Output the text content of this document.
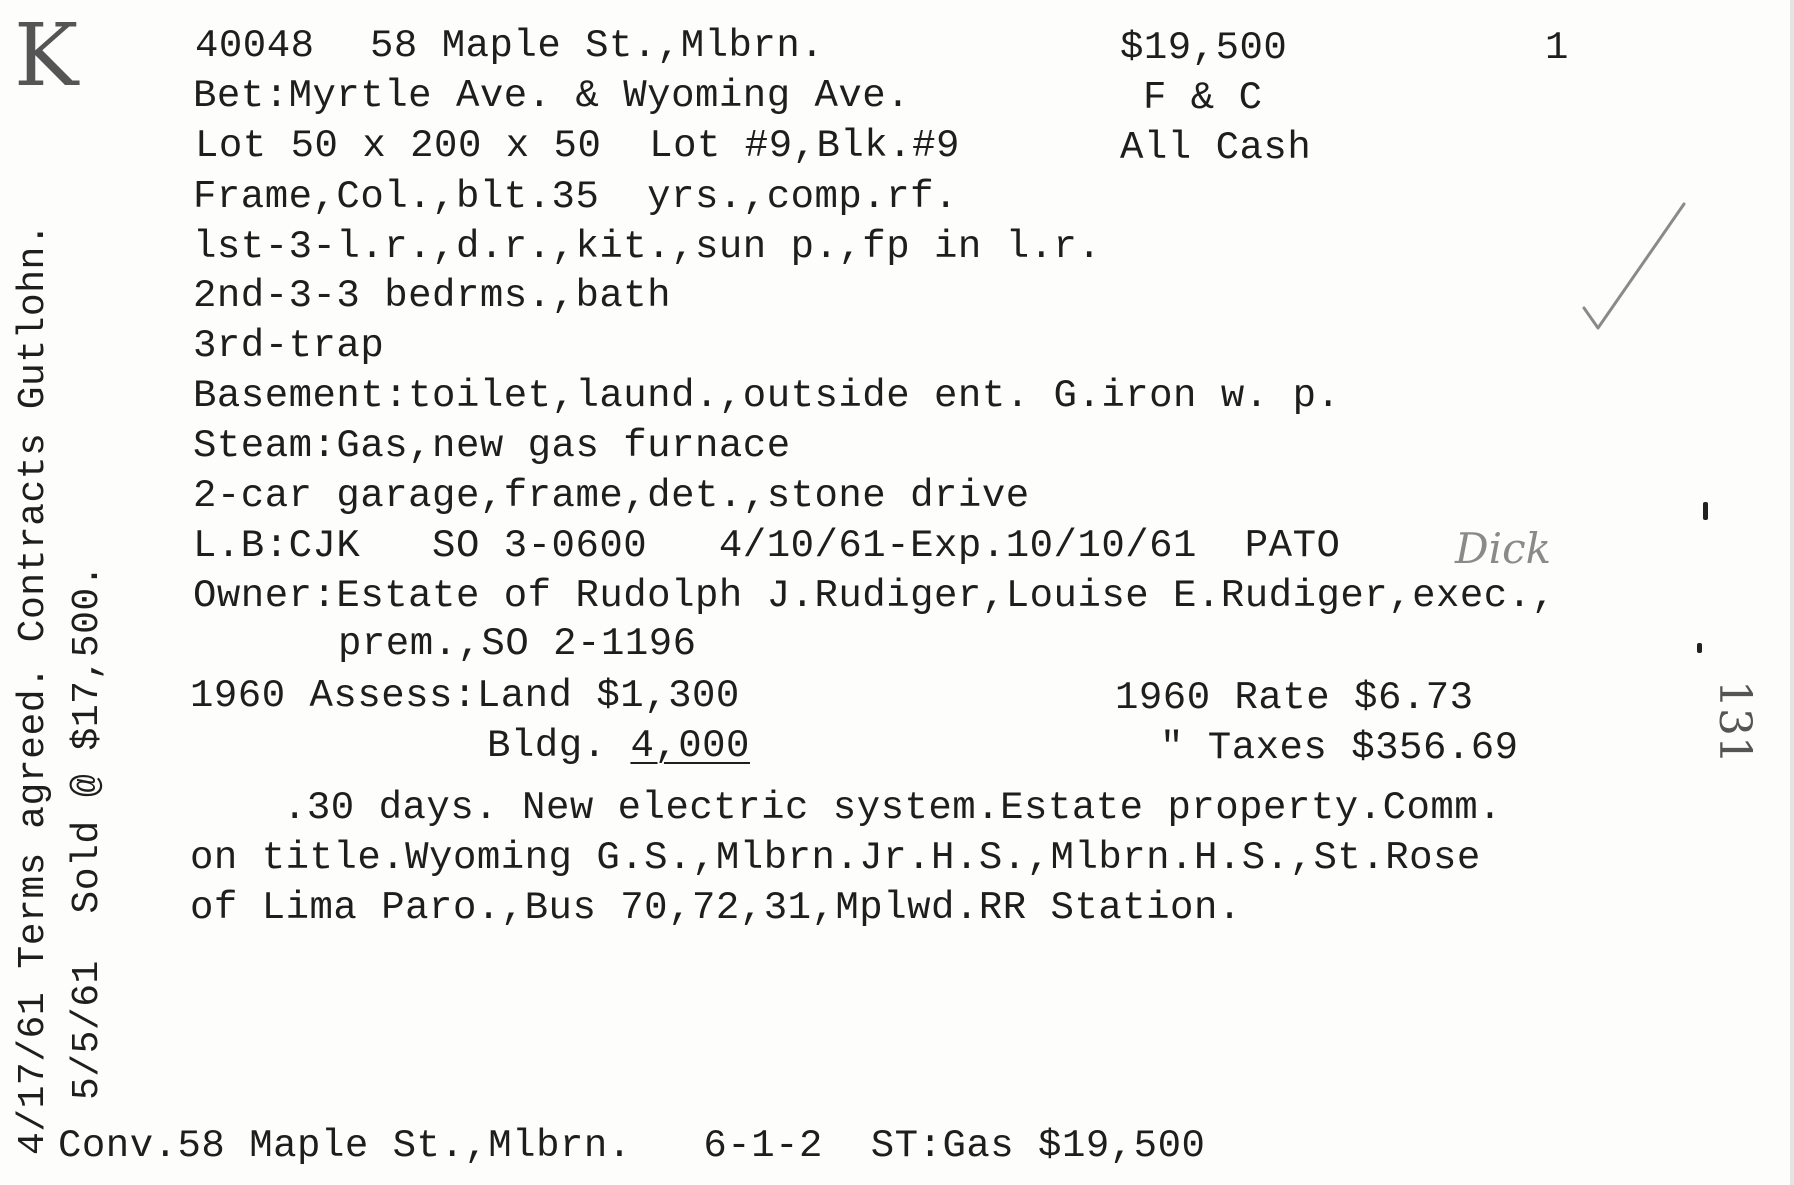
40048 58 Maple St.,Mlbrn.	$19,500	1
Bet:Myrtle Ave. & Wyoming Ave.	F & C
Lot 50 x 200 x 50  Lot #9,Blk.#9	All Cash
Frame,Col.,blt.35  yrs.,comp.rf.
lst-3-l.r.,d.r.,kit.,sun p.,fp in l.r.
2nd-3-3 bedrms.,bath
3rd-trap
Basement:toilet,laund.,outside ent. G.iron w. p.
Steam:Gas,new gas furnace
2-car garage,frame,det.,stone drive
L.B:CJK   SO 3-0600   4/10/61-Exp.10/10/61  PATO
Owner:Estate of Rudolph J.Rudiger,Louise E.Rudiger,exec.,
prem.,SO 2-1196
1960 Assess:Land $1,300	1960 Rate $6.73
Bldg. 4,000	" Taxes $356.69
.30 days. New electric system.Estate property.Comm.
on title.Wyoming G.S.,Mlbrn.Jr.H.S.,Mlbrn.H.S.,St.Rose
of Lima Paro.,Bus 70,72,31,Mplwd.RR Station.
Conv.58 Maple St.,Mlbrn.   6-1-2  ST:Gas $19,500
4/17/61 Terms agreed. Contracts Gutlohn. 5/5/61  Sold @ $17,500.
K
Dick
131
